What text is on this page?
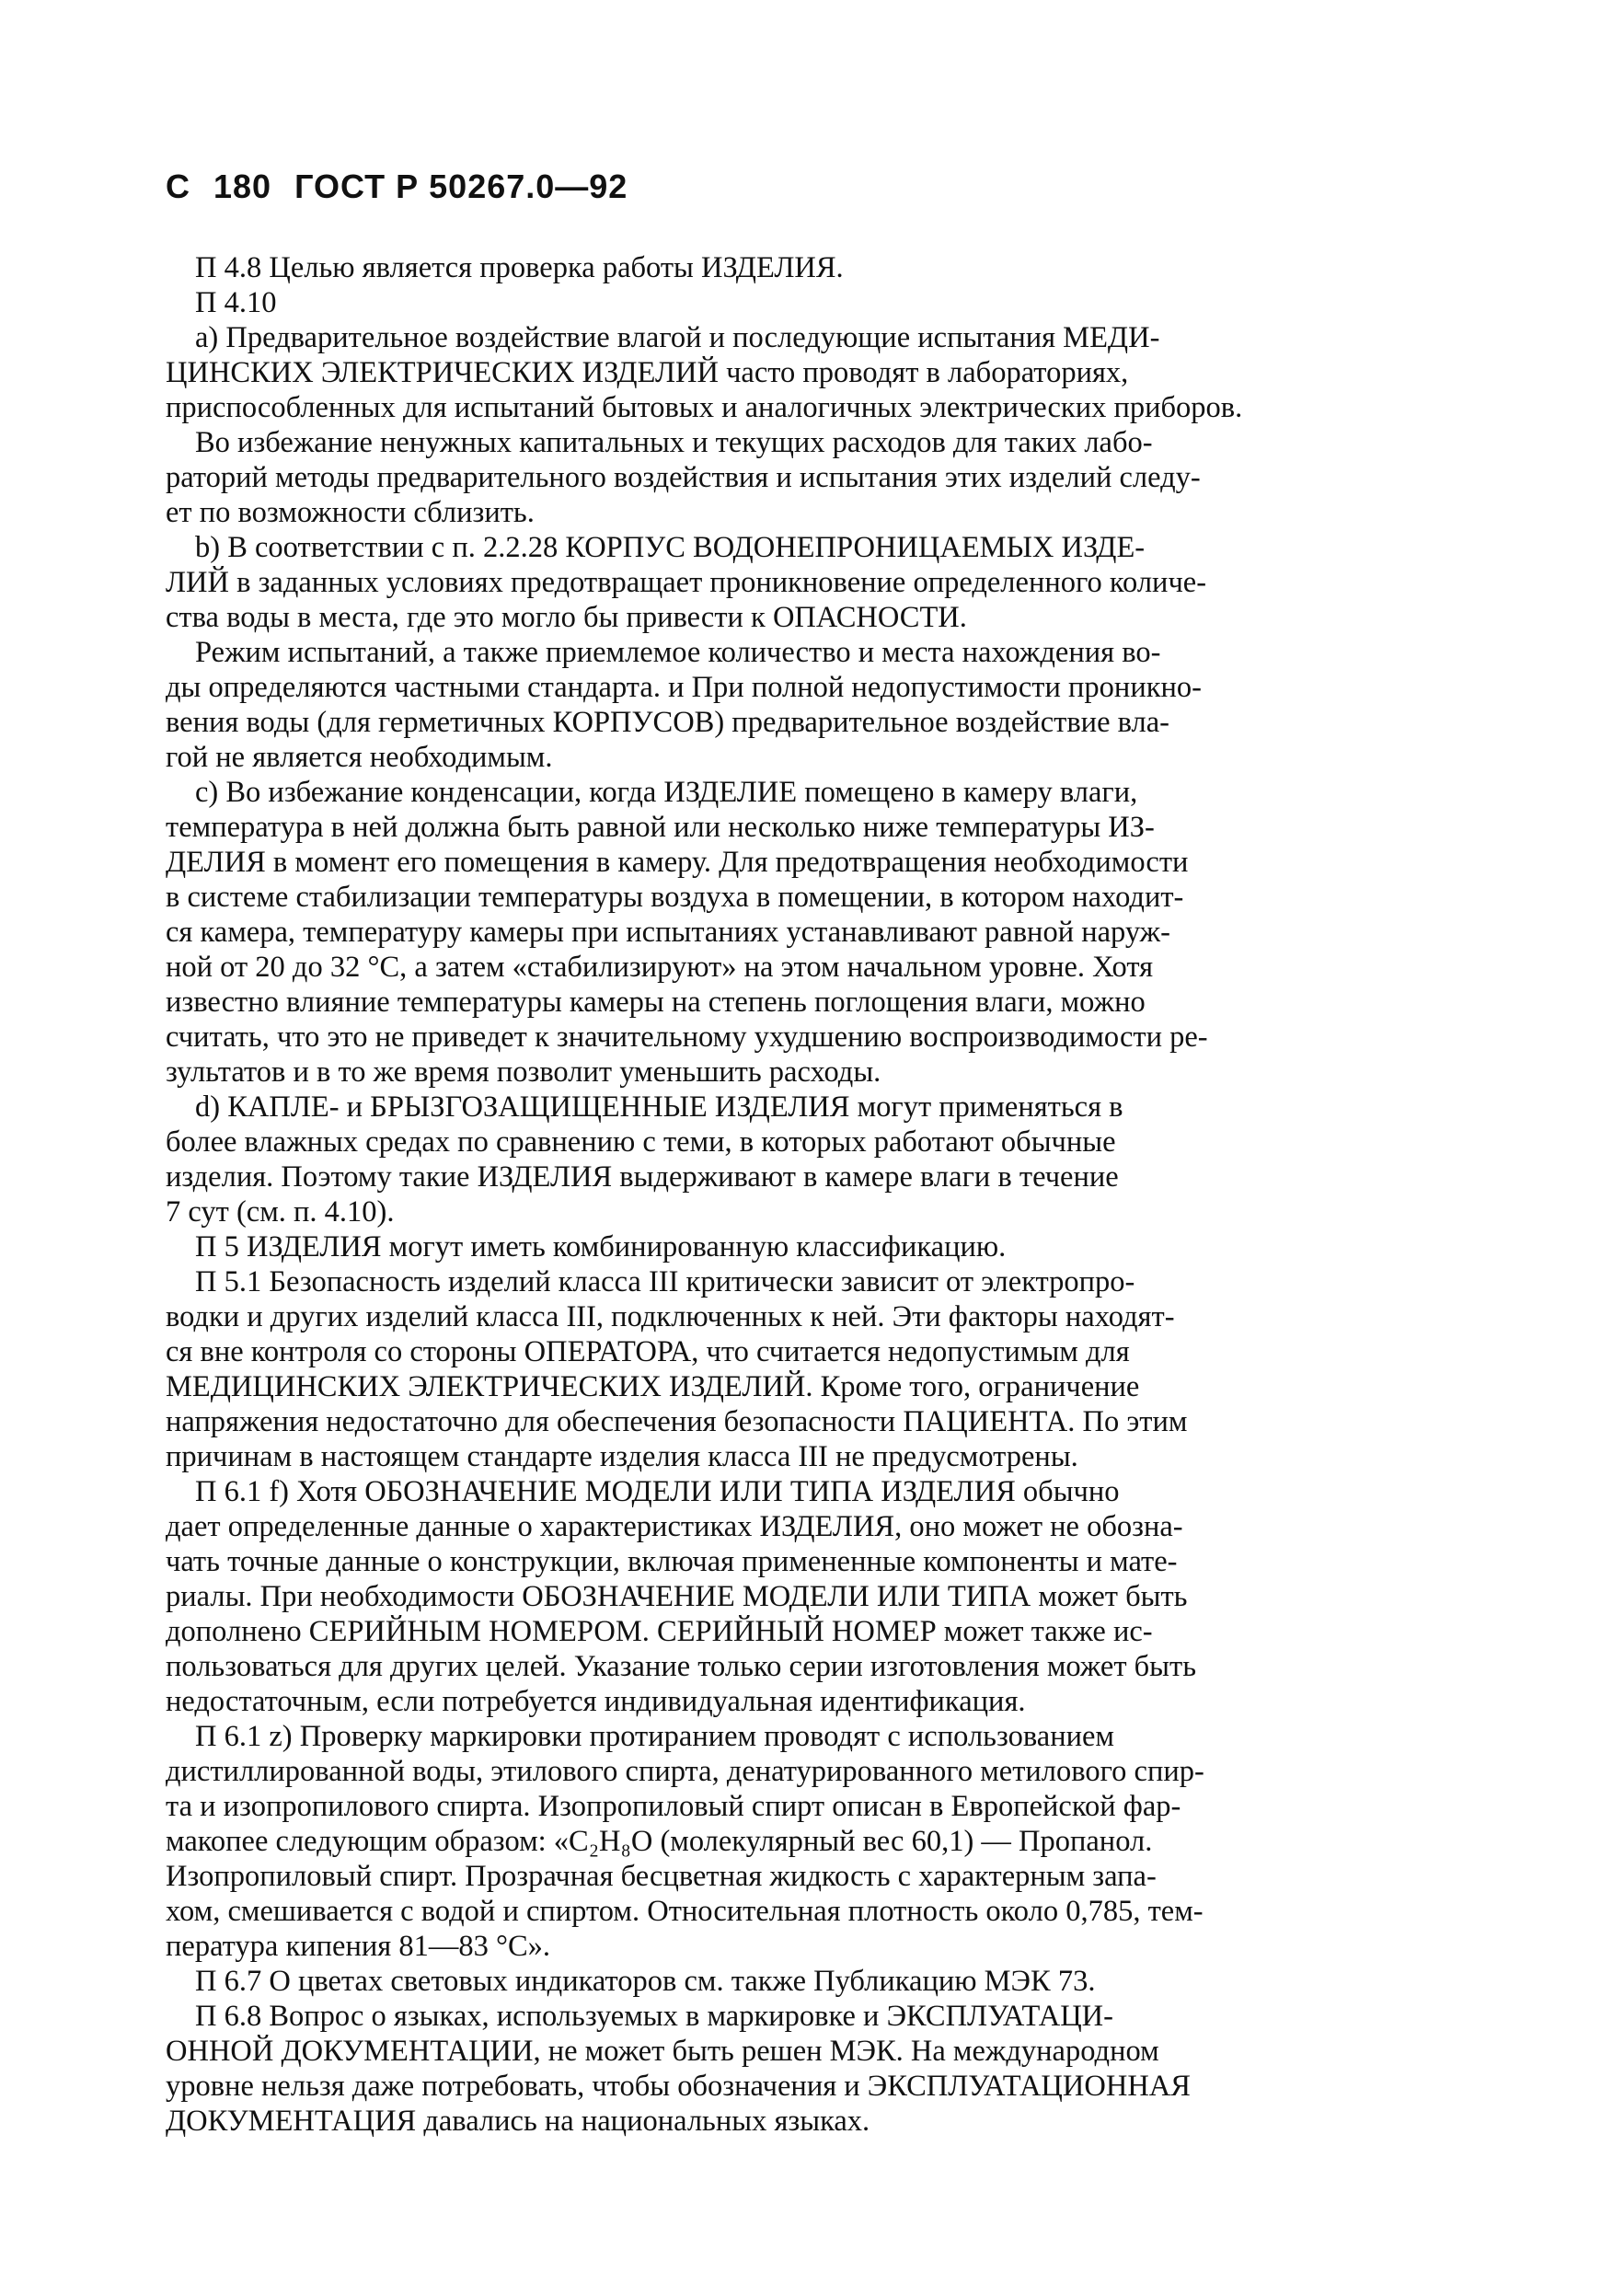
С 180 ГОСТ Р 50267.0—92
П 4.8 Целью является проверка работы ИЗДЕЛИЯ.
П 4.10
а) Предварительное воздействие влагой и последующие испытания МЕДИ-
ЦИНСКИХ ЭЛЕКТРИЧЕСКИХ ИЗДЕЛИЙ часто проводят в лабораториях,
приспособленных для испытаний бытовых и аналогичных электрических приборов.
Во избежание ненужных капитальных и текущих расходов для таких лабо-
раторий методы предварительного воздействия и испытания этих изделий следу-
ет по возможности сблизить.
b) В соответствии с п. 2.2.28 КОРПУС ВОДОНЕПРОНИЦАЕМЫХ ИЗДЕ-
ЛИЙ в заданных условиях предотвращает проникновение определенного количе-
ства воды в места, где это могло бы привести к ОПАСНОСТИ.
Режим испытаний, а также приемлемое количество и места нахождения во-
ды определяются частными стандарта. и При полной недопустимости проникно-
вения воды (для герметичных КОРПУСОВ) предварительное воздействие вла-
гой не является необходимым.
с) Во избежание конденсации, когда ИЗДЕЛИЕ помещено в камеру влаги,
температура в ней должна быть равной или несколько ниже температуры ИЗ-
ДЕЛИЯ в момент его помещения в камеру. Для предотвращения необходимости
в системе стабилизации температуры воздуха в помещении, в котором находит-
ся камера, температуру камеры при испытаниях устанавливают равной наруж-
ной от 20 до 32 °С, а затем «стабилизируют» на этом начальном уровне. Хотя
известно влияние температуры камеры на степень поглощения влаги, можно
считать, что это не приведет к значительному ухудшению воспроизводимости ре-
зультатов и в то же время позволит уменьшить расходы.
d) КАПЛЕ- и БРЫЗГОЗАЩИЩЕННЫЕ ИЗДЕЛИЯ могут применяться в
более влажных средах по сравнению с теми, в которых работают обычные
изделия. Поэтому такие ИЗДЕЛИЯ выдерживают в камере влаги в течение
7 сут (см. п. 4.10).
П 5 ИЗДЕЛИЯ могут иметь комбинированную классификацию.
П 5.1 Безопасность изделий класса III критически зависит от электропро-
водки и других изделий класса III, подключенных к ней. Эти факторы находят-
ся вне контроля со стороны ОПЕРАТОРА, что считается недопустимым для
МЕДИЦИНСКИХ ЭЛЕКТРИЧЕСКИХ ИЗДЕЛИЙ. Кроме того, ограничение
напряжения недостаточно для обеспечения безопасности ПАЦИЕНТА. По этим
причинам в настоящем стандарте изделия класса III не предусмотрены.
П 6.1 f) Хотя ОБОЗНАЧЕНИЕ МОДЕЛИ ИЛИ ТИПА ИЗДЕЛИЯ обычно
дает определенные данные о характеристиках ИЗДЕЛИЯ, оно может не обозна-
чать точные данные о конструкции, включая примененные компоненты и мате-
риалы. При необходимости ОБОЗНАЧЕНИЕ МОДЕЛИ ИЛИ ТИПА может быть
дополнено СЕРИЙНЫМ НОМЕРОМ. СЕРИЙНЫЙ НОМЕР может также ис-
пользоваться для других целей. Указание только серии изготовления может быть
недостаточным, если потребуется индивидуальная идентификация.
П 6.1 z) Проверку маркировки протиранием проводят с использованием
дистиллированной воды, этилового спирта, денатурированного метилового спир-
та и изопропилового спирта. Изопропиловый спирт описан в Европейской фар-
макопее следующим образом: «C₂H₈O (молекулярный вес 60,1) — Пропанол.
Изопропиловый спирт. Прозрачная бесцветная жидкость с характерным запа-
хом, смешивается с водой и спиртом. Относительная плотность около 0,785, тем-
пература кипения 81—83 °С».
П 6.7 О цветах световых индикаторов см. также Публикацию МЭК 73.
П 6.8 Вопрос о языках, используемых в маркировке и ЭКСПЛУАТАЦИ-
ОННОЙ ДОКУМЕНТАЦИИ, не может быть решен МЭК. На международном
уровне нельзя даже потребовать, чтобы обозначения и ЭКСПЛУАТАЦИОННАЯ
ДОКУМЕНТАЦИЯ давались на национальных языках.
